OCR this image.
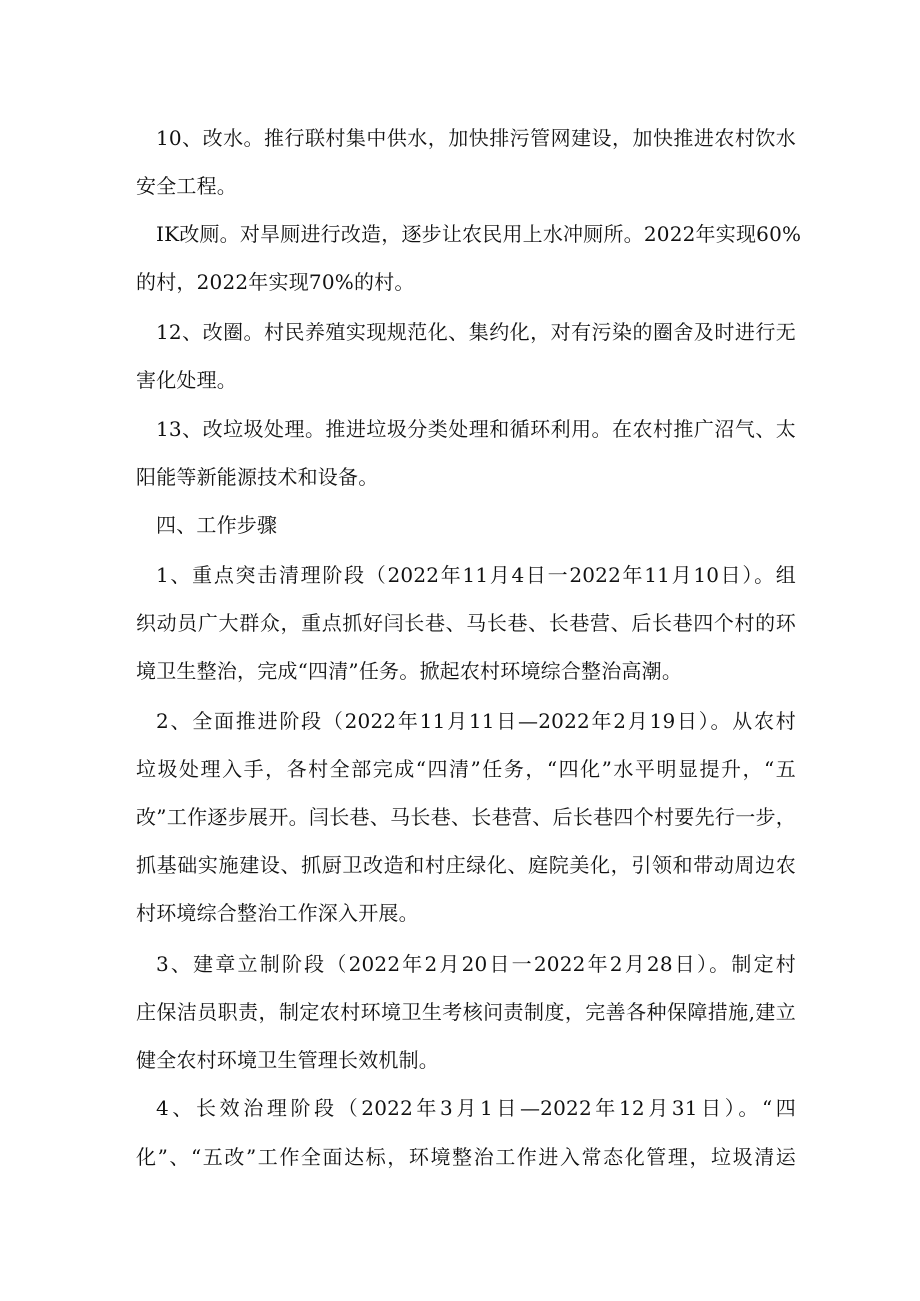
10、改水。推行联村集中供水，加快排污管网建设，加快推进农村饮水
安全工程。
IK改厕。对旱厕进行改造，逐步让农民用上水冲厕所。2022年实现60%
的村，2022年实现70%的村。
12、改圈。村民养殖实现规范化、集约化，对有污染的圈舍及时进行无
害化处理。
13、改垃圾处理。推进垃圾分类处理和循环利用。在农村推广沼气、太
阳能等新能源技术和设备。
四、工作步骤
1、重点突击清理阶段（2022年11月4日一2022年11月10日）。组
织动员广大群众，重点抓好闫长巷、马长巷、长巷营、后长巷四个村的环
境卫生整治，完成“四清”任务。掀起农村环境综合整治高潮。
2、全面推进阶段（2022年11月11日—2022年2月19日）。从农村
垃圾处理入手，各村全部完成“四清”任务，“四化”水平明显提升，“五
改”工作逐步展开。闫长巷、马长巷、长巷营、后长巷四个村要先行一步，
抓基础实施建设、抓厨卫改造和村庄绿化、庭院美化，引领和带动周边农
村环境综合整治工作深入开展。
3、建章立制阶段（2022年2月20日一2022年2月28日）。制定村
庄保洁员职责，制定农村环境卫生考核问责制度，完善各种保障措施,建立
健全农村环境卫生管理长效机制。
4、长效治理阶段（2022年3月1日—2022年12月31日）。“四
化”、“五改”工作全面达标，环境整治工作进入常态化管理，垃圾清运
